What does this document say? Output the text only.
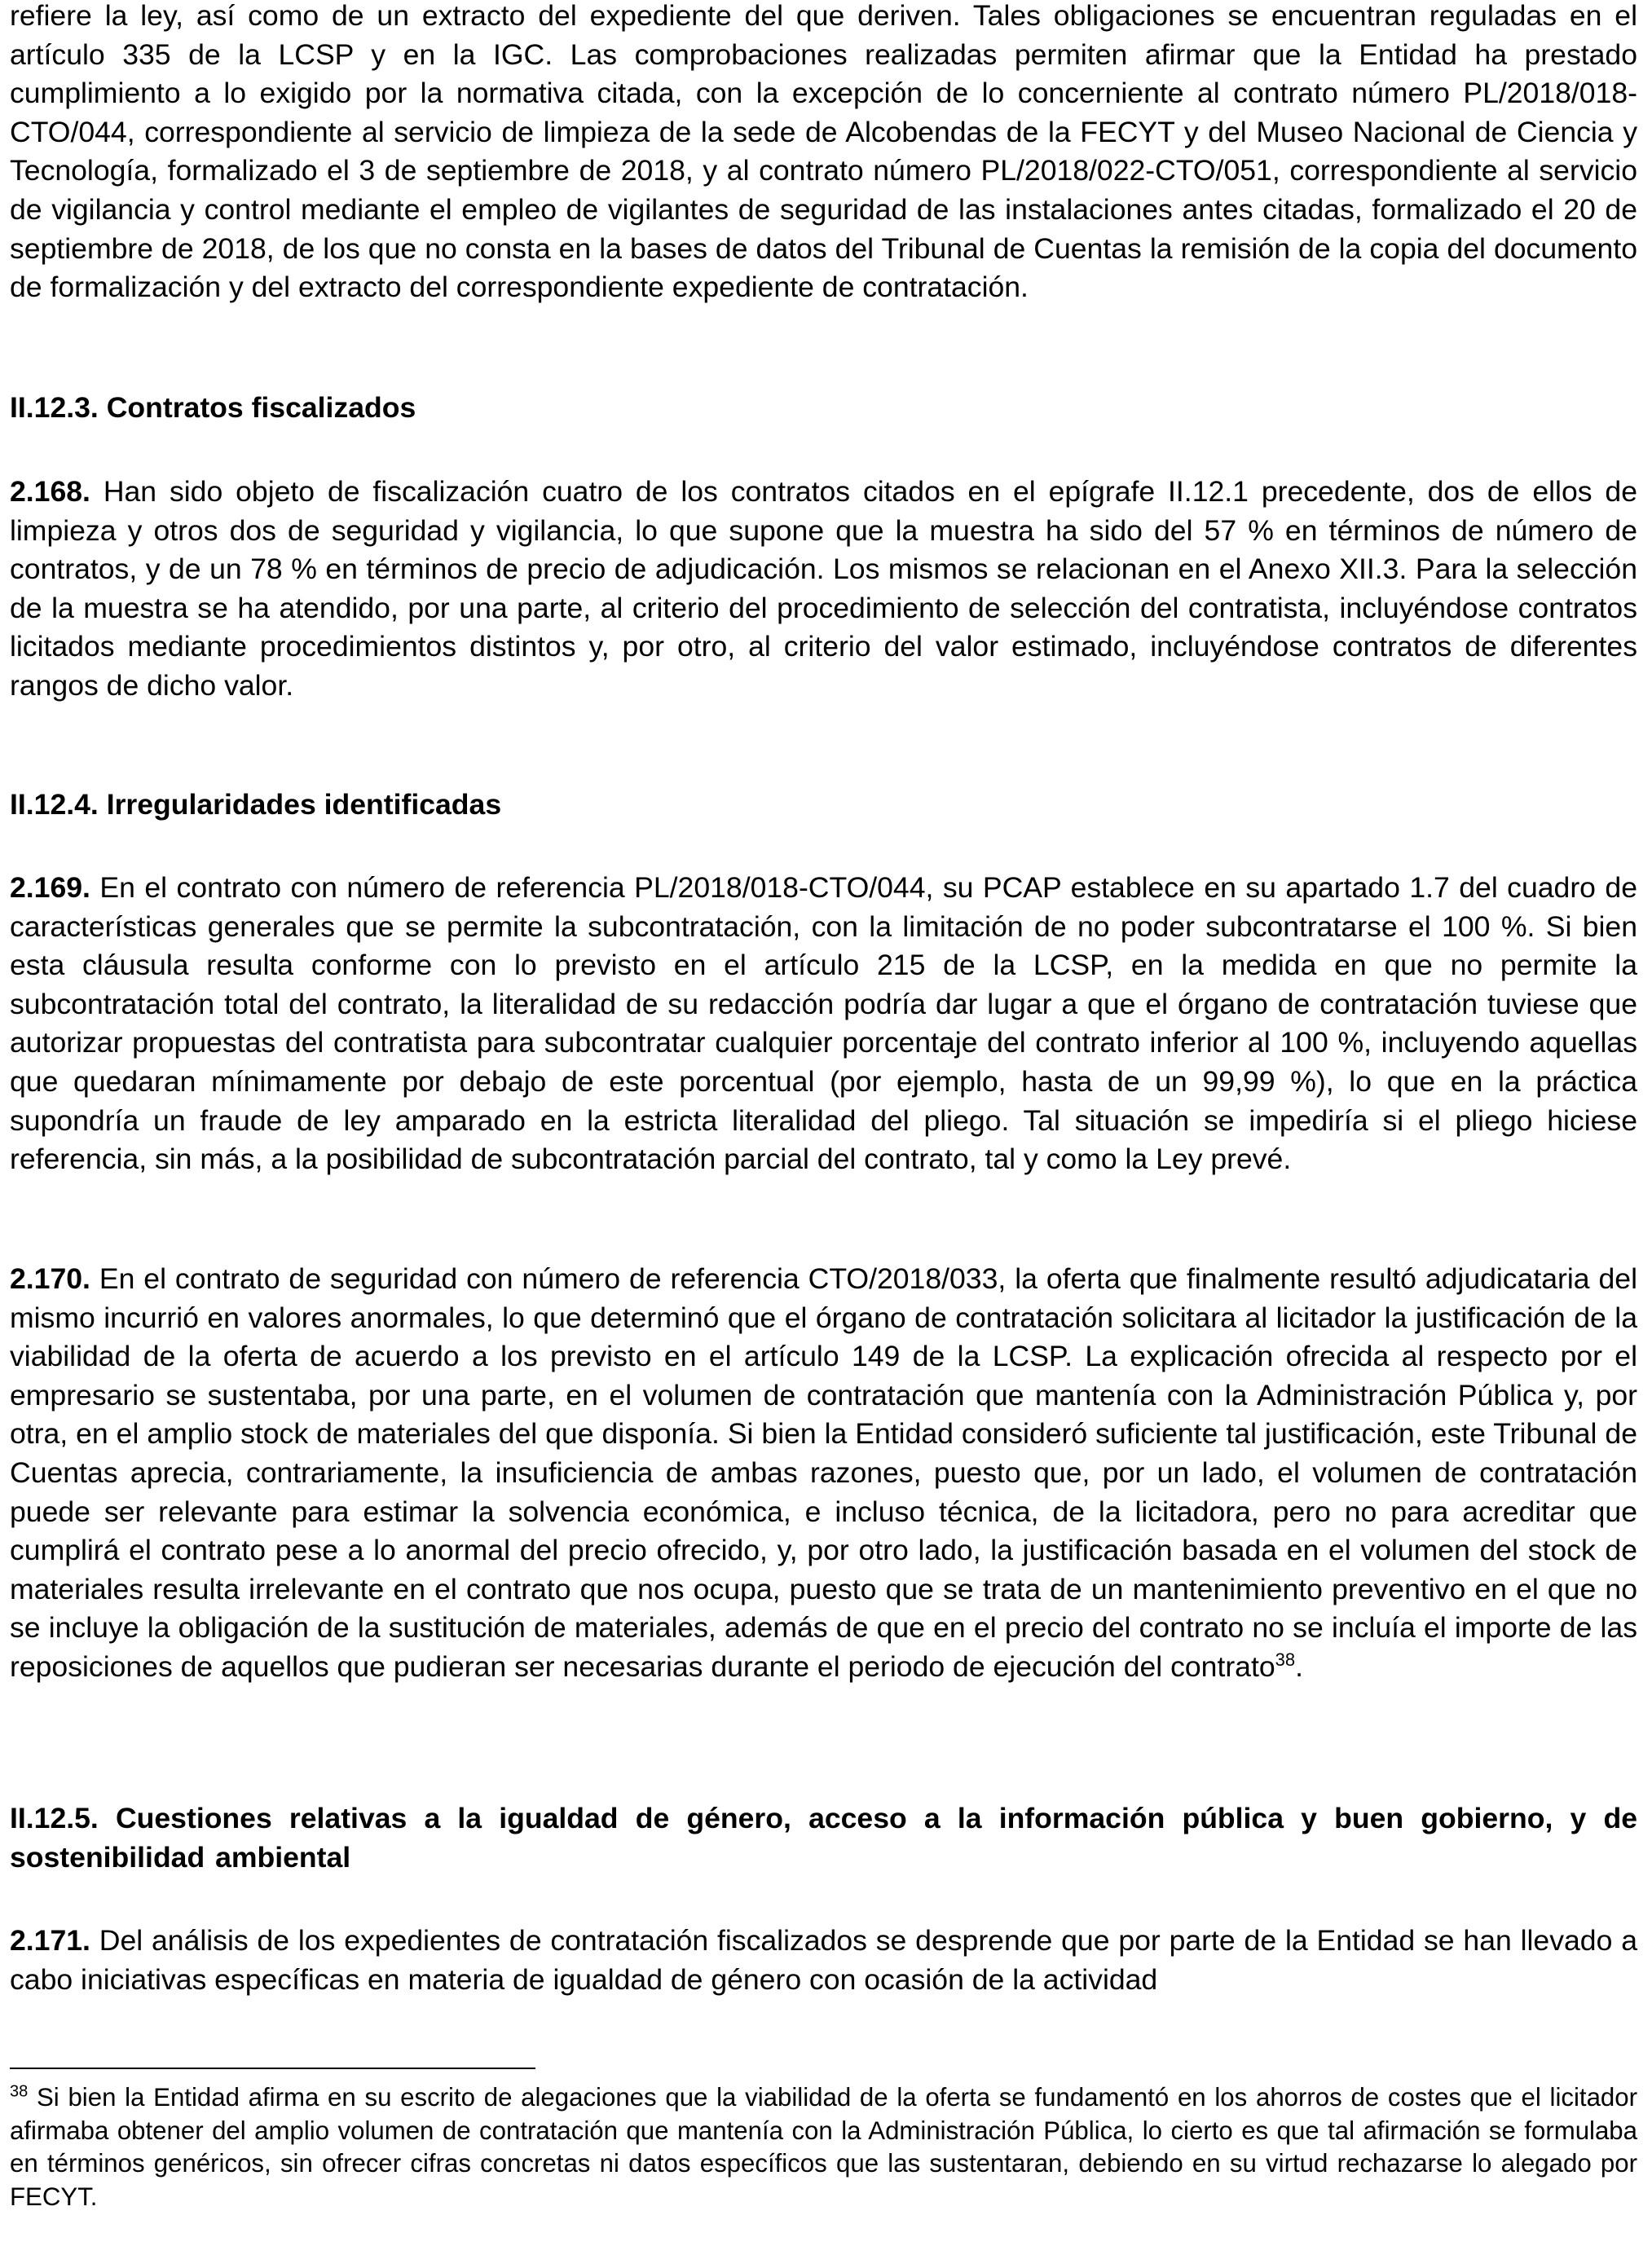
refiere la ley, así como de un extracto del expediente del que deriven. Tales obligaciones se encuentran reguladas en el artículo 335 de la LCSP y en la IGC. Las comprobaciones realizadas permiten afirmar que la Entidad ha prestado cumplimiento a lo exigido por la normativa citada, con la excepción de lo concerniente al contrato número PL/2018/018-CTO/044, correspondiente al servicio de limpieza de la sede de Alcobendas de la FECYT y del Museo Nacional de Ciencia y Tecnología, formalizado el 3 de septiembre de 2018, y al contrato número PL/2018/022-CTO/051, correspondiente al servicio de vigilancia y control mediante el empleo de vigilantes de seguridad de las instalaciones antes citadas, formalizado el 20 de septiembre de 2018, de los que no consta en la bases de datos del Tribunal de Cuentas la remisión de la copia del documento de formalización y del extracto del correspondiente expediente de contratación.

II.12.3. Contratos fiscalizados

2.168. Han sido objeto de fiscalización cuatro de los contratos citados en el epígrafe II.12.1 precedente, dos de ellos de limpieza y otros dos de seguridad y vigilancia, lo que supone que la muestra ha sido del 57 % en términos de número de contratos, y de un 78 % en términos de precio de adjudicación. Los mismos se relacionan en el Anexo XII.3. Para la selección de la muestra se ha atendido, por una parte, al criterio del procedimiento de selección del contratista, incluyéndose contratos licitados mediante procedimientos distintos y, por otro, al criterio del valor estimado, incluyéndose contratos de diferentes rangos de dicho valor.

II.12.4. Irregularidades identificadas

2.169. En el contrato con número de referencia PL/2018/018-CTO/044, su PCAP establece en su apartado 1.7 del cuadro de características generales que se permite la subcontratación, con la limitación de no poder subcontratarse el 100 %. Si bien esta cláusula resulta conforme con lo previsto en el artículo 215 de la LCSP, en la medida en que no permite la subcontratación total del contrato, la literalidad de su redacción podría dar lugar a que el órgano de contratación tuviese que autorizar propuestas del contratista para subcontratar cualquier porcentaje del contrato inferior al 100 %, incluyendo aquellas que quedaran mínimamente por debajo de este porcentual (por ejemplo, hasta de un 99,99 %), lo que en la práctica supondría un fraude de ley amparado en la estricta literalidad del pliego. Tal situación se impediría si el pliego hiciese referencia, sin más, a la posibilidad de subcontratación parcial del contrato, tal y como la Ley prevé.

2.170. En el contrato de seguridad con número de referencia CTO/2018/033, la oferta que finalmente resultó adjudicataria del mismo incurrió en valores anormales, lo que determinó que el órgano de contratación solicitara al licitador la justificación de la viabilidad de la oferta de acuerdo a los previsto en el artículo 149 de la LCSP. La explicación ofrecida al respecto por el empresario se sustentaba, por una parte, en el volumen de contratación que mantenía con la Administración Pública y, por otra, en el amplio stock de materiales del que disponía. Si bien la Entidad consideró suficiente tal justificación, este Tribunal de Cuentas aprecia, contrariamente, la insuficiencia de ambas razones, puesto que, por un lado, el volumen de contratación puede ser relevante para estimar la solvencia económica, e incluso técnica, de la licitadora, pero no para acreditar que cumplirá el contrato pese a lo anormal del precio ofrecido, y, por otro lado, la justificación basada en el volumen del stock de materiales resulta irrelevante en el contrato que nos ocupa, puesto que se trata de un mantenimiento preventivo en el que no se incluye la obligación de la sustitución de materiales, además de que en el precio del contrato no se incluía el importe de las reposiciones de aquellos que pudieran ser necesarias durante el periodo de ejecución del contrato$^{38}$.

II.12.5. Cuestiones relativas a la igualdad de género, acceso a la información pública y buen gobierno, y de sostenibilidad ambiental

2.171. Del análisis de los expedientes de contratación fiscalizados se desprende que por parte de la Entidad se han llevado a cabo iniciativas específicas en materia de igualdad de género con ocasión de la actividad

$^{38}$ Si bien la Entidad afirma en su escrito de alegaciones que la viabilidad de la oferta se fundamentó en los ahorros de costes que el licitador afirmaba obtener del amplio volumen de contratación que mantenía con la Administración Pública, lo cierto es que tal afirmación se formulaba en términos genéricos, sin ofrecer cifras concretas ni datos específicos que las sustentaran, debiendo en su virtud rechazarse lo alegado por FECYT.
